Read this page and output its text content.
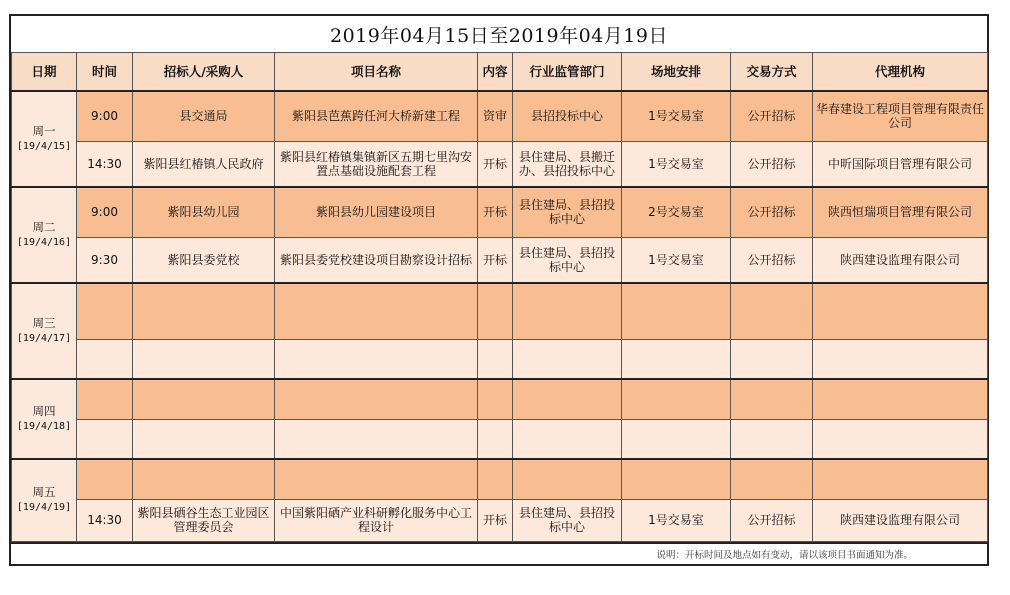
2019年04月15日至2019年04月19日
日期	时间	招标人/采购人	项目名称	内容	行业监管部门	场地安排	交易方式	代理机构
周一
[19/4/15]	9:00	县交通局	紫阳县芭蕉跨任河大桥新建工程	资审	县招投标中心	1号交易室	公开招标	华春建设工程项目管理有限责任公司
	14:30	紫阳县红椿镇人民政府	紫阳县红椿镇集镇新区五期七里沟安置点基础设施配套工程	开标	县住建局、县搬迁办、县招投标中心	1号交易室	公开招标	中昕国际项目管理有限公司
周二
[19/4/16]	9:00	紫阳县幼儿园	紫阳县幼儿园建设项目	开标	县住建局、县招投标中心	2号交易室	公开招标	陕西恒瑞项目管理有限公司
	9:30	紫阳县委党校	紫阳县委党校建设项目勘察设计招标	开标	县住建局、县招投标中心	1号交易室	公开招标	陕西建设监理有限公司
周三
[19/4/17]								

周四
[19/4/18]								

周五
[19/4/19]								

	14:30	紫阳县硒谷生态工业园区管理委员会	中国紫阳硒产业科研孵化服务中心工程设计	开标	县住建局、县招投标中心	1号交易室	公开招标	陕西建设监理有限公司
说明：开标时间及地点如有变动，请以该项目书面通知为准。
